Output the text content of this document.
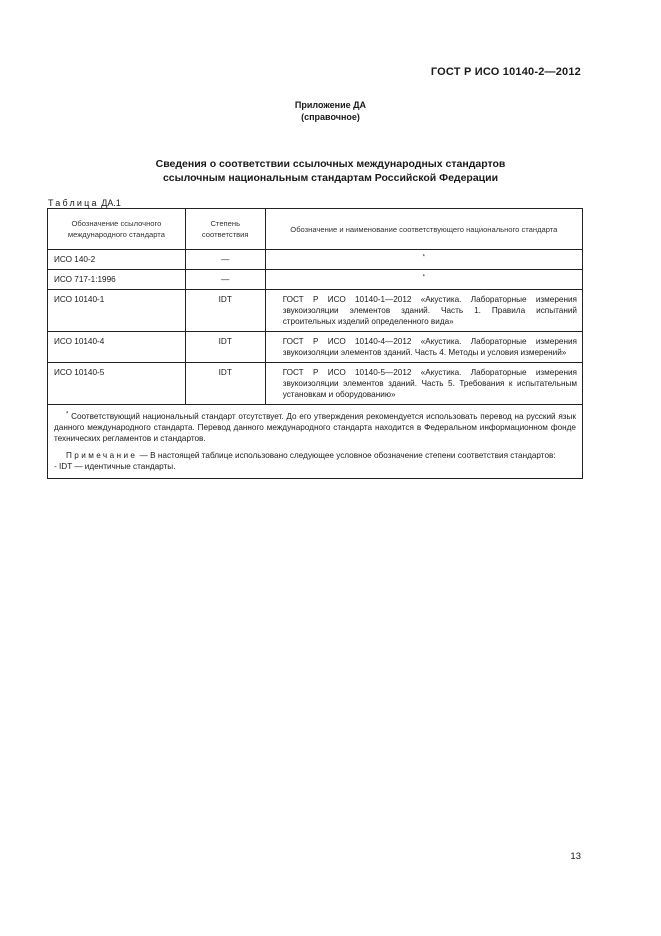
ГОСТ Р ИСО 10140-2—2012
Приложение ДА
(справочное)
Сведения о соответствии ссылочных международных стандартов
ссылочным национальным стандартам Российской Федерации
Таблица ДА.1
Обозначение ссылочного международного стандарта	Степень соответствия	Обозначение и наименование соответствующего национального стандарта
ИСО 140-2	—	*
ИСО 717-1:1996	—	*
ИСО 10140-1	IDT	ГОСТ Р ИСО 10140-1—2012 «Акустика. Лабораторные измерения звукоизоляции элементов зданий. Часть 1. Правила испытаний строительных изделий определенного вида»

ИСО 10140-4	IDT	ГОСТ Р ИСО 10140-4—2012 «Акустика. Лабораторные измерения звукоизоляции элементов зданий. Часть 4. Методы и условия измерений»

ИСО 10140-5	IDT	ГОСТ Р ИСО 10140-5—2012 «Акустика. Лабораторные измерения звукоизоляции элементов зданий. Часть 5. Требования к испытательным установкам и оборудованию»

* Соответствующий национальный стандарт отсутствует. До его утверждения рекомендуется использовать перевод на русский язык данного международного стандарта. Перевод данного международного стандарта находится в Федеральном информационном фонде технических регламентов и стандартов.

Примечание — В настоящей таблице использовано следующее условное обозначение степени соответствия стандартов:

- IDT — идентичные стандарты.		

13
